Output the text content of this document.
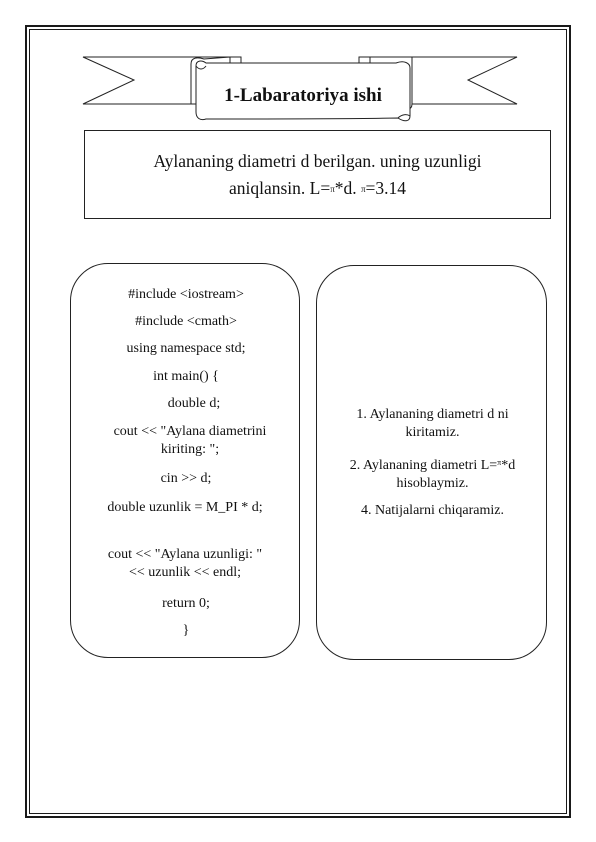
1-Labaratoriya ishi
Aylananing diametri d berilgan. uning uzunligi
aniqlansin. L=π*d. π=3.14
#include <iostream>
#include <cmath>
using namespace std;
int main() {
double d;
cout << "Aylana diametrini kiriting: ";
cin >> d;
double uzunlik = M_PI * d;
cout << "Aylana uzunligi: " << uzunlik << endl;
return 0;
}
1. Aylananing diametri d ni kiritamiz.
2. Aylananing diametri L=$^\pi$*d hisoblaymiz.
4. Natijalarni chiqaramiz.
